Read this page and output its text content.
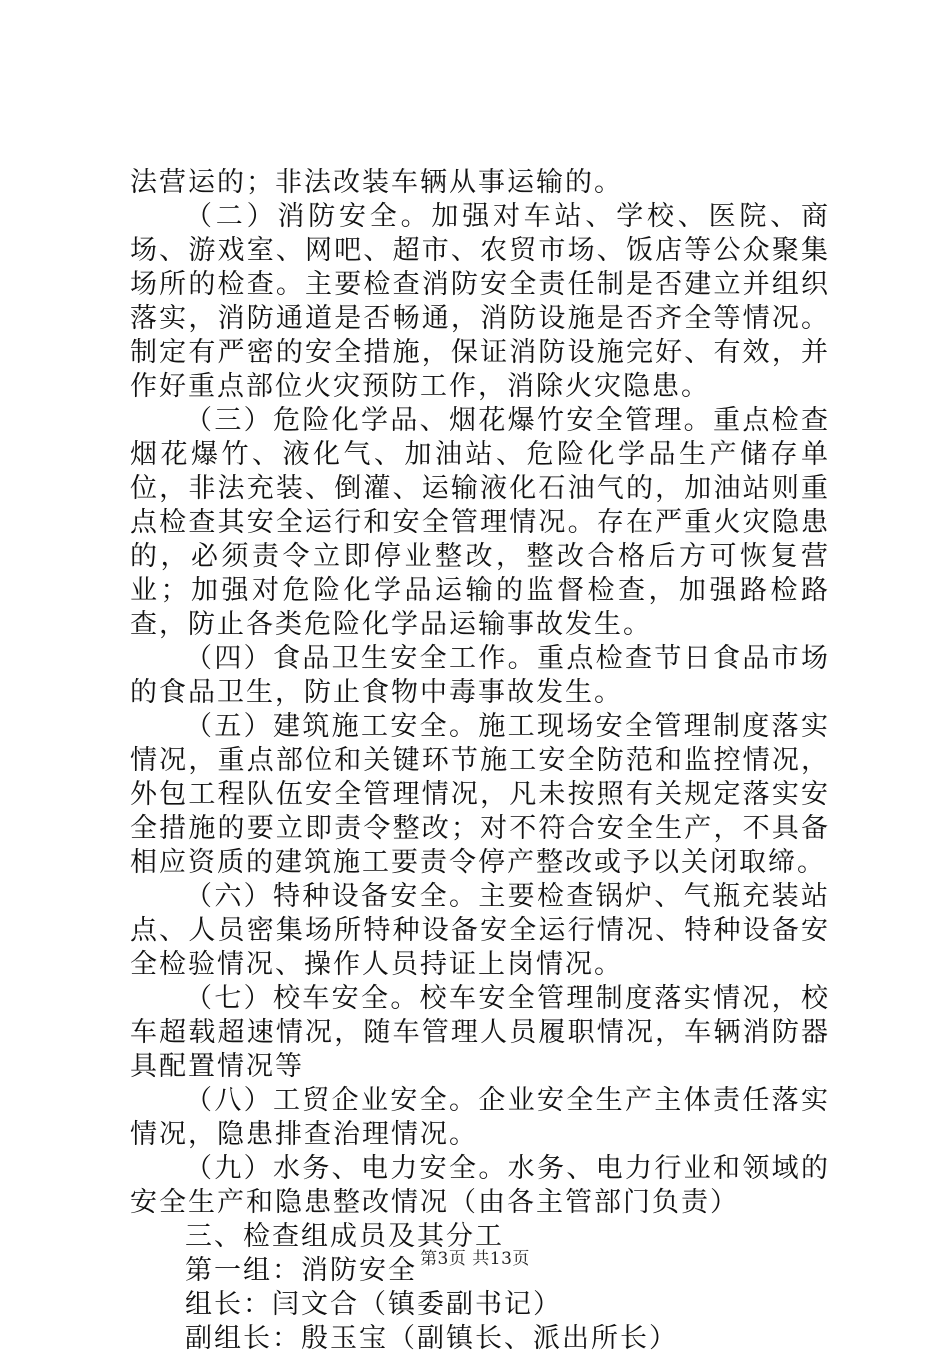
法营运的；非法改装车辆从事运输的。

（二）消防安全。加强对车站、学校、医院、商场、游戏室、网吧、超市、农贸市场、饭店等公众聚集场所的检查。主要检查消防安全责任制是否建立并组织落实，消防通道是否畅通，消防设施是否齐全等情况。制定有严密的安全措施，保证消防设施完好、有效，并作好重点部位火灾预防工作，消除火灾隐患。

（三）危险化学品、烟花爆竹安全管理。重点检查烟花爆竹、液化气、加油站、危险化学品生产储存单位，非法充装、倒灌、运输液化石油气的，加油站则重点检查其安全运行和安全管理情况。存在严重火灾隐患的，必须责令立即停业整改，整改合格后方可恢复营业；加强对危险化学品运输的监督检查，加强路检路查，防止各类危险化学品运输事故发生。

（四）食品卫生安全工作。重点检查节日食品市场的食品卫生，防止食物中毒事故发生。

（五）建筑施工安全。施工现场安全管理制度落实情况，重点部位和关键环节施工安全防范和监控情况，外包工程队伍安全管理情况，凡未按照有关规定落实安全措施的要立即责令整改；对不符合安全生产，不具备相应资质的建筑施工要责令停产整改或予以关闭取缔。

（六）特种设备安全。主要检查锅炉、气瓶充装站点、人员密集场所特种设备安全运行情况、特种设备安全检验情况、操作人员持证上岗情况。

（七）校车安全。校车安全管理制度落实情况，校车超载超速情况，随车管理人员履职情况，车辆消防器具配置情况等

（八）工贸企业安全。企业安全生产主体责任落实情况，隐患排查治理情况。

（九）水务、电力安全。水务、电力行业和领域的安全生产和隐患整改情况（由各主管部门负责）

三、检查组成员及其分工

第一组：消防安全

组长：闫文合（镇委副书记）

副组长：殷玉宝（副镇长、派出所长）

第3页 共13页
